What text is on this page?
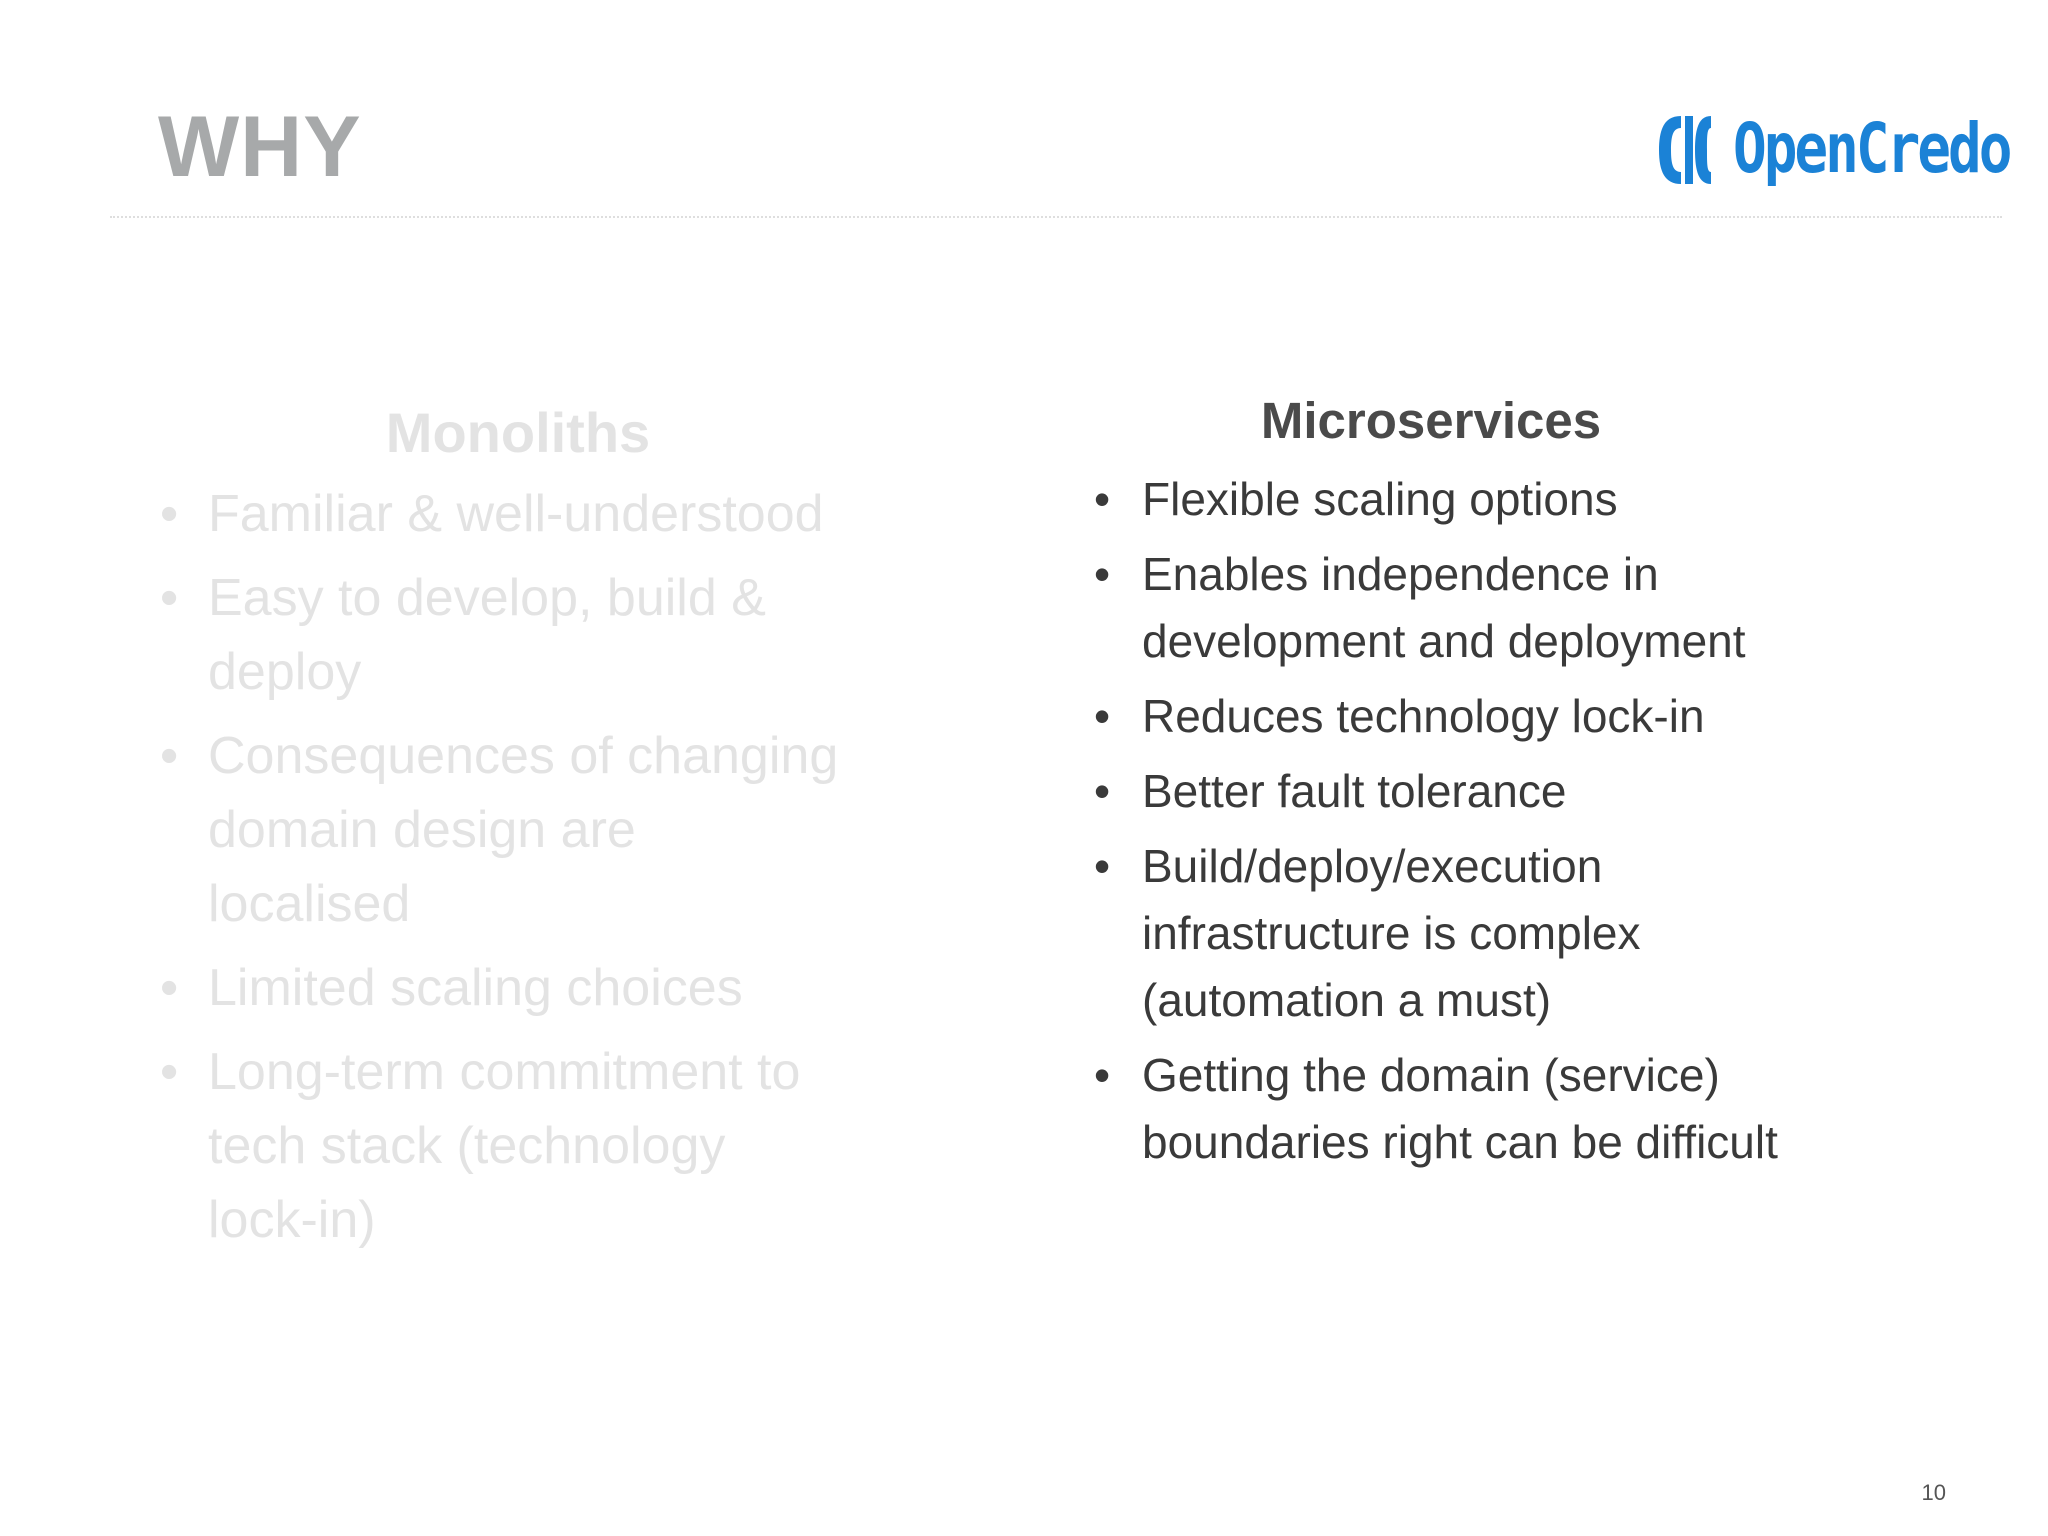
WHY	OpenCredo
Monoliths
• Familiar & well-understood
• Easy to develop, build & deploy
• Consequences of changing domain design are localised
• Limited scaling choices
• Long-term commitment to tech stack (technology lock-in)
Microservices
• Flexible scaling options
• Enables independence in development and deployment
• Reduces technology lock-in
• Better fault tolerance
• Build/deploy/execution infrastructure is complex (automation a must)
• Getting the domain (service) boundaries right can be difficult
10
